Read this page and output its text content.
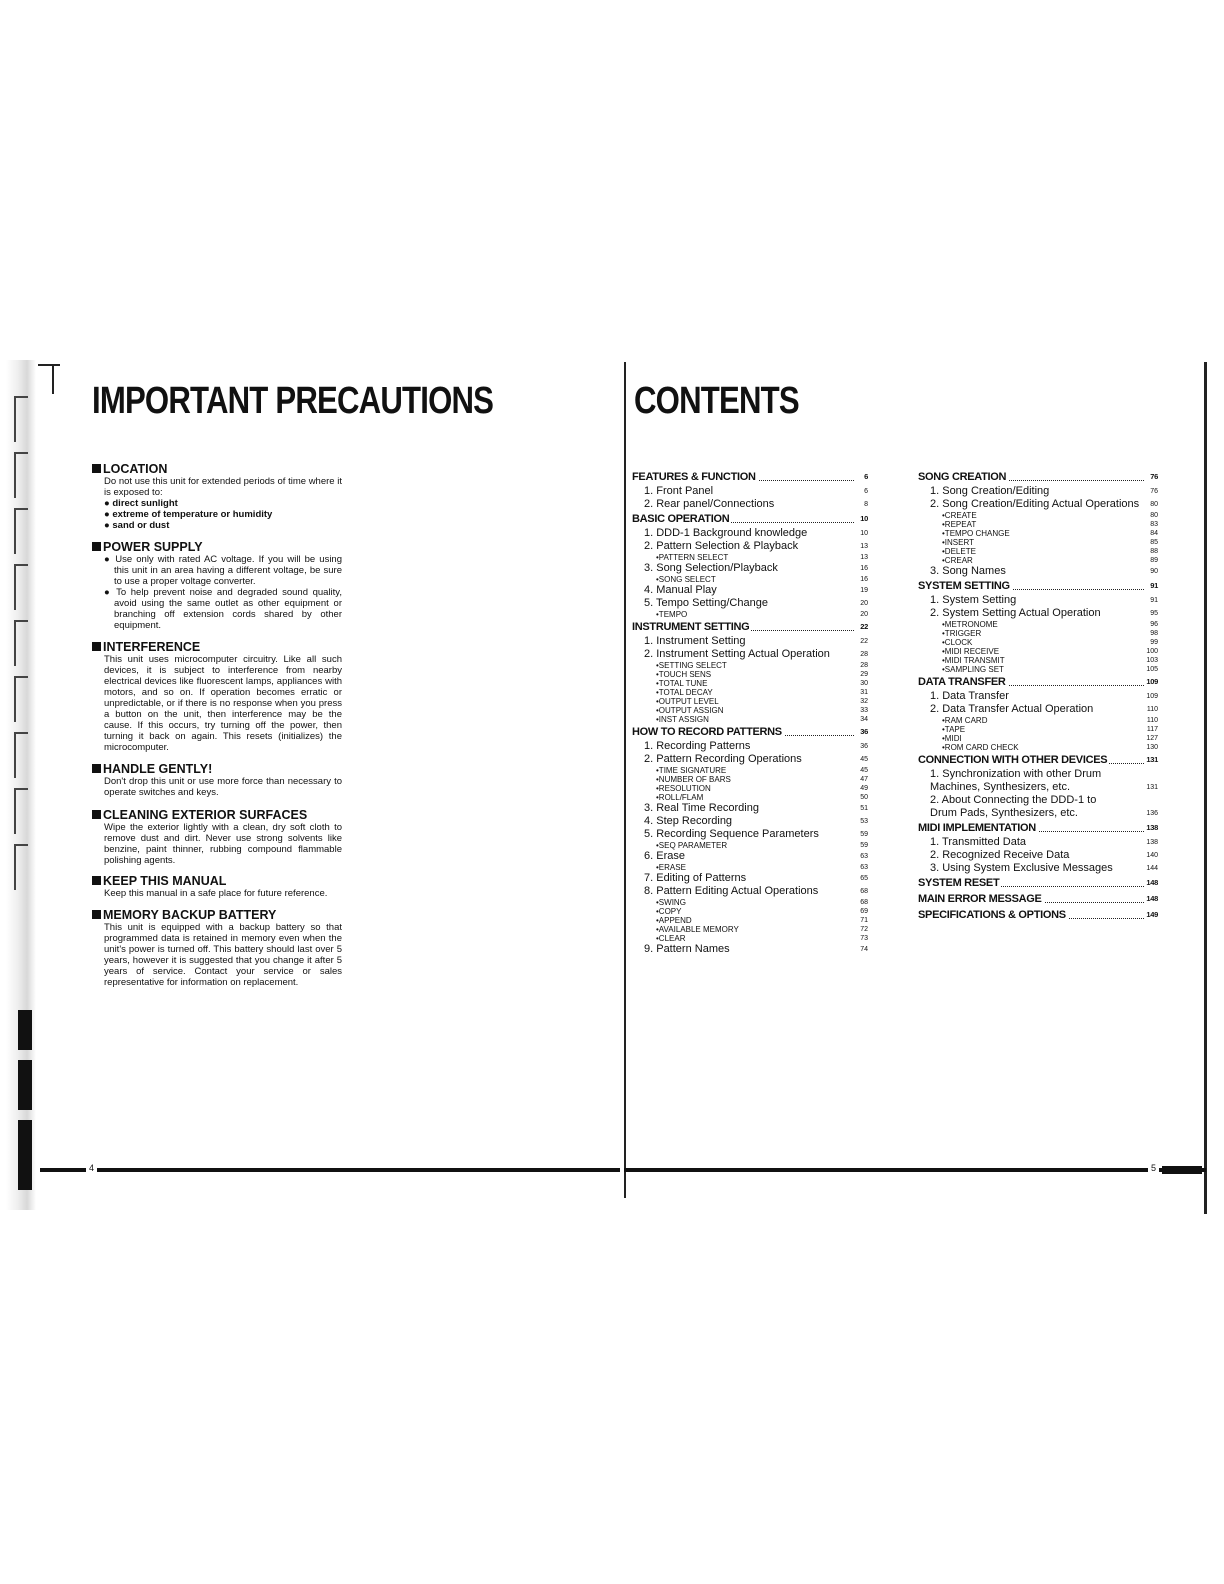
IMPORTANT PRECAUTIONS
LOCATION
Do not use this unit for extended periods of time where it is exposed to:
● direct sunlight
● extreme of temperature or humidity
● sand or dust
POWER SUPPLY
● Use only with rated AC voltage. If you will be using this unit in an area having a different voltage, be sure to use a proper voltage converter.
● To help prevent noise and degraded sound quality, avoid using the same outlet as other equipment or branching off extension cords shared by other equipment.
INTERFERENCE
This unit uses microcomputer circuitry. Like all such devices, it is subject to interference from nearby electrical devices like fluorescent lamps, appliances with motors, and so on. If operation becomes erratic or unpredictable, or if there is no response when you press a button on the unit, then interference may be the cause. If this occurs, try turning off the power, then turning it back on again. This resets (initializes) the microcomputer.
HANDLE GENTLY!
Don't drop this unit or use more force than necessary to operate switches and keys.
CLEANING EXTERIOR SURFACES
Wipe the exterior lightly with a clean, dry soft cloth to remove dust and dirt. Never use strong solvents like benzine, paint thinner, rubbing compound flammable polishing agents.
KEEP THIS MANUAL
Keep this manual in a safe place for future reference.
MEMORY BACKUP BATTERY
This unit is equipped with a backup battery so that programmed data is retained in memory even when the unit's power is turned off. This battery should last over 5 years, however it is suggested that you change it after 5 years of service. Contact your service or sales representative for information on replacement.
4
CONTENTS
FEATURES & FUNCTION	6
1. Front Panel	6
2. Rear panel/Connections	8
BASIC OPERATION	10
1. DDD-1 Background knowledge	10
2. Pattern Selection & Playback	13
•PATTERN SELECT	13
3. Song Selection/Playback	16
•SONG SELECT	16
4. Manual Play	19
5. Tempo Setting/Change	20
•TEMPO	20
INSTRUMENT SETTING	22
1. Instrument Setting	22
2. Instrument Setting Actual Operation	28
•SETTING SELECT	28
•TOUCH SENS	29
•TOTAL TUNE	30
•TOTAL DECAY	31
•OUTPUT LEVEL	32
•OUTPUT ASSIGN	33
•INST ASSIGN	34
HOW TO RECORD PATTERNS	36
1. Recording Patterns	36
2. Pattern Recording Operations	45
•TIME SIGNATURE	45
•NUMBER OF BARS	47
•RESOLUTION	49
•ROLL/FLAM	50
3. Real Time Recording	51
4. Step Recording	53
5. Recording Sequence Parameters	59
•SEQ PARAMETER	59
6. Erase	63
•ERASE	63
7. Editing of Patterns	65
8. Pattern Editing Actual Operations	68
•SWING	68
•COPY	69
•APPEND	71
•AVAILABLE MEMORY	72
•CLEAR	73
9. Pattern Names	74
SONG CREATION	76
1. Song Creation/Editing	76
2. Song Creation/Editing Actual Operations 80
•CREATE	80
•REPEAT	83
•TEMPO CHANGE	84
•INSERT	85
•DELETE	88
•CREAR	89
3. Song Names	90
SYSTEM SETTING	91
1. System Setting	91
2. System Setting Actual Operation	95
•METRONOME	96
•TRIGGER	98
•CLOCK	99
•MIDI RECEIVE	100
•MIDI TRANSMIT	103
•SAMPLING SET	105
DATA TRANSFER	109
1. Data Transfer	109
2. Data Transfer Actual Operation	110
•RAM CARD	110
•TAPE	117
•MIDI	127
•ROM CARD CHECK	130
CONNECTION WITH OTHER DEVICES	131
1. Synchronization with other Drum Machines, Synthesizers, etc.	131
2. About Connecting the DDD-1 to Drum Pads, Synthesizers, etc.	136
MIDI IMPLEMENTATION	138
1. Transmitted Data	138
2. Recognized Receive Data	140
3. Using System Exclusive Messages	144
SYSTEM RESET	148
MAIN ERROR MESSAGE	148
SPECIFICATIONS & OPTIONS	149
5
